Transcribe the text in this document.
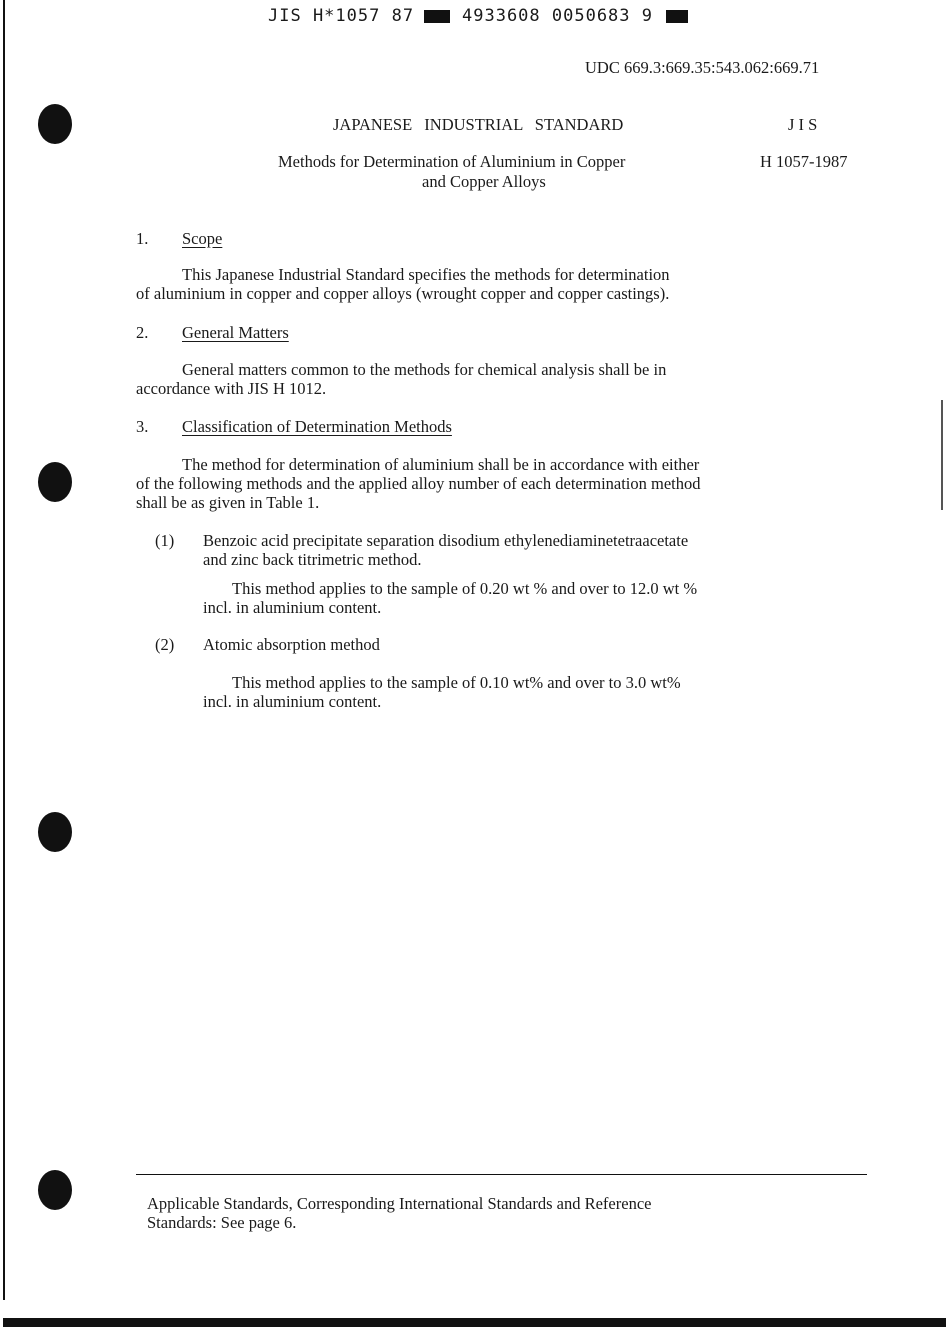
JIS H*1057 87	4933608 0050683 9
UDC 669.3:669.35:543.062:669.71
JAPANESE INDUSTRIAL STANDARD	J I S
Methods for Determination of Aluminium in Copper
and Copper Alloys
H 1057-1987
1. Scope
This Japanese Industrial Standard specifies the methods for determination
of aluminium in copper and copper alloys (wrought copper and copper castings).
2. General Matters
General matters common to the methods for chemical analysis shall be in
accordance with JIS H 1012.
3. Classification of Determination Methods
The method for determination of aluminium shall be in accordance with either
of the following methods and the applied alloy number of each determination method
shall be as given in Table 1.
(1) Benzoic acid precipitate separation disodium ethylenediaminetetraacetate
and zinc back titrimetric method.
This method applies to the sample of 0.20 wt % and over to 12.0 wt %
incl. in aluminium content.
(2) Atomic absorption method
This method applies to the sample of 0.10 wt% and over to 3.0 wt%
incl. in aluminium content.
Applicable Standards, Corresponding International Standards and Reference
Standards: See page 6.
